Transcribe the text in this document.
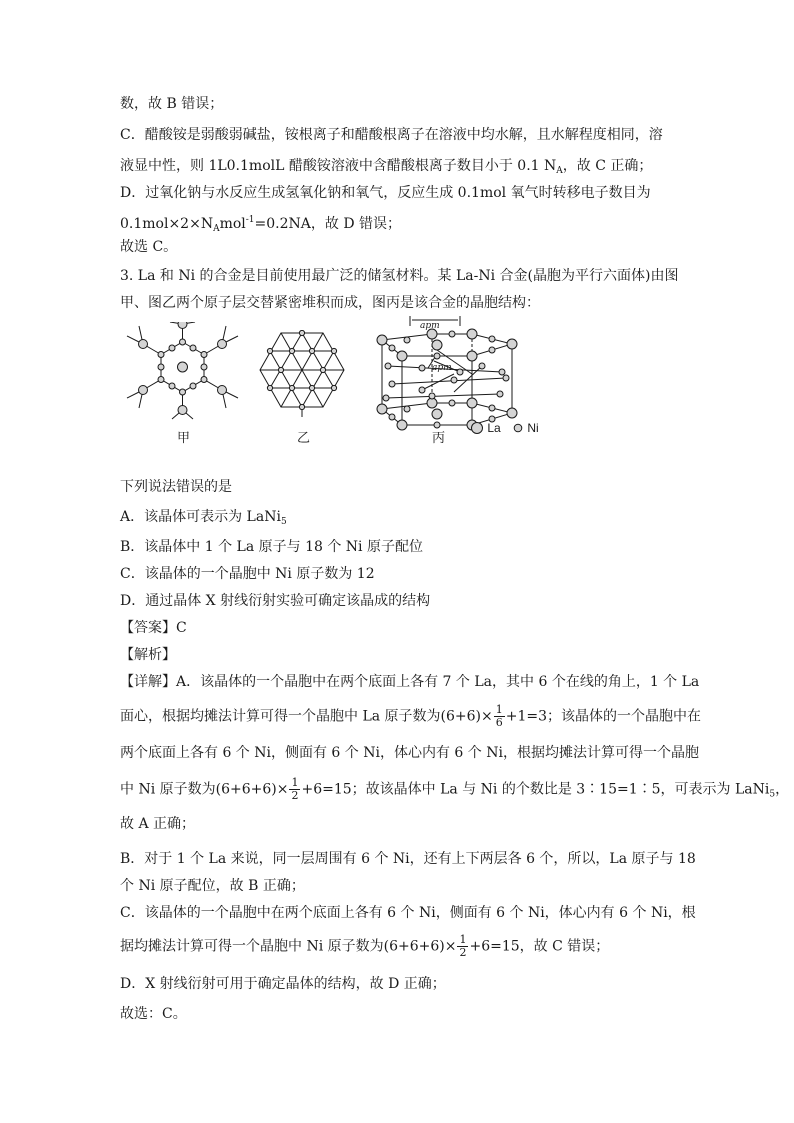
数，故 B 错误；
C．醋酸铵是弱酸弱碱盐，铵根离子和醋酸根离子在溶液中均水解，且水解程度相同，溶
液显中性，则 1L0.1molL 醋酸铵溶液中含醋酸根离子数目小于 0.1 $N_A$，故 C 正确；
D．过氧化钠与水反应生成氢氧化钠和氧气，反应生成 0.1mol 氧气时转移电子数目为
$0.1mol\times 2\times N_Amol^{-1}=0.2NA$，故 D 错误；
故选 C。
3. La 和 Ni 的合金是目前使用最广泛的储氢材料。某 La-Ni 合金(晶胞为平行六面体)由图
甲、图乙两个原子层交替紧密堆积而成，图丙是该合金的晶胞结构：
apm
apm
甲	乙	丙
La Ni
下列说法错误的是
A．该晶体可表示为 LaNi$_5$
B．该晶体中 1 个 La 原子与 18 个 Ni 原子配位
C．该晶体的一个晶胞中 Ni 原子数为 12
D．通过晶体 X 射线衍射实验可确定该晶成的结构
【答案】C
【解析】
【详解】A．该晶体的一个晶胞中在两个底面上各有 7 个 La，其中 6 个在线的角上，1 个 La
面心，根据均摊法计算可得一个晶胞中 La 原子数为$(6+6)\times \frac{1}{6} +1=3$；该晶体的一个晶胞中在
两个底面上各有 6 个 Ni，侧面有 6 个 Ni，体心内有 6 个 Ni，根据均摊法计算可得一个晶胞
中 Ni 原子数为$(6+6+6)\times \frac{1}{2} +6=15$；故该晶体中 La 与 Ni 的个数比是 3∶15=1∶5，可表示为 LaNi$_5$，
故 A 正确；
B．对于 1 个 La 来说，同一层周围有 6 个 Ni，还有上下两层各 6 个，所以，La 原子与 18
个 Ni 原子配位，故 B 正确；
C．该晶体的一个晶胞中在两个底面上各有 6 个 Ni，侧面有 6 个 Ni，体心内有 6 个 Ni，根
据均摊法计算可得一个晶胞中 Ni 原子数为$(6+6+6)\times \frac{1}{2} +6=15$，故 C 错误；
D．X 射线衍射可用于确定晶体的结构，故 D 正确；
故选：C。
